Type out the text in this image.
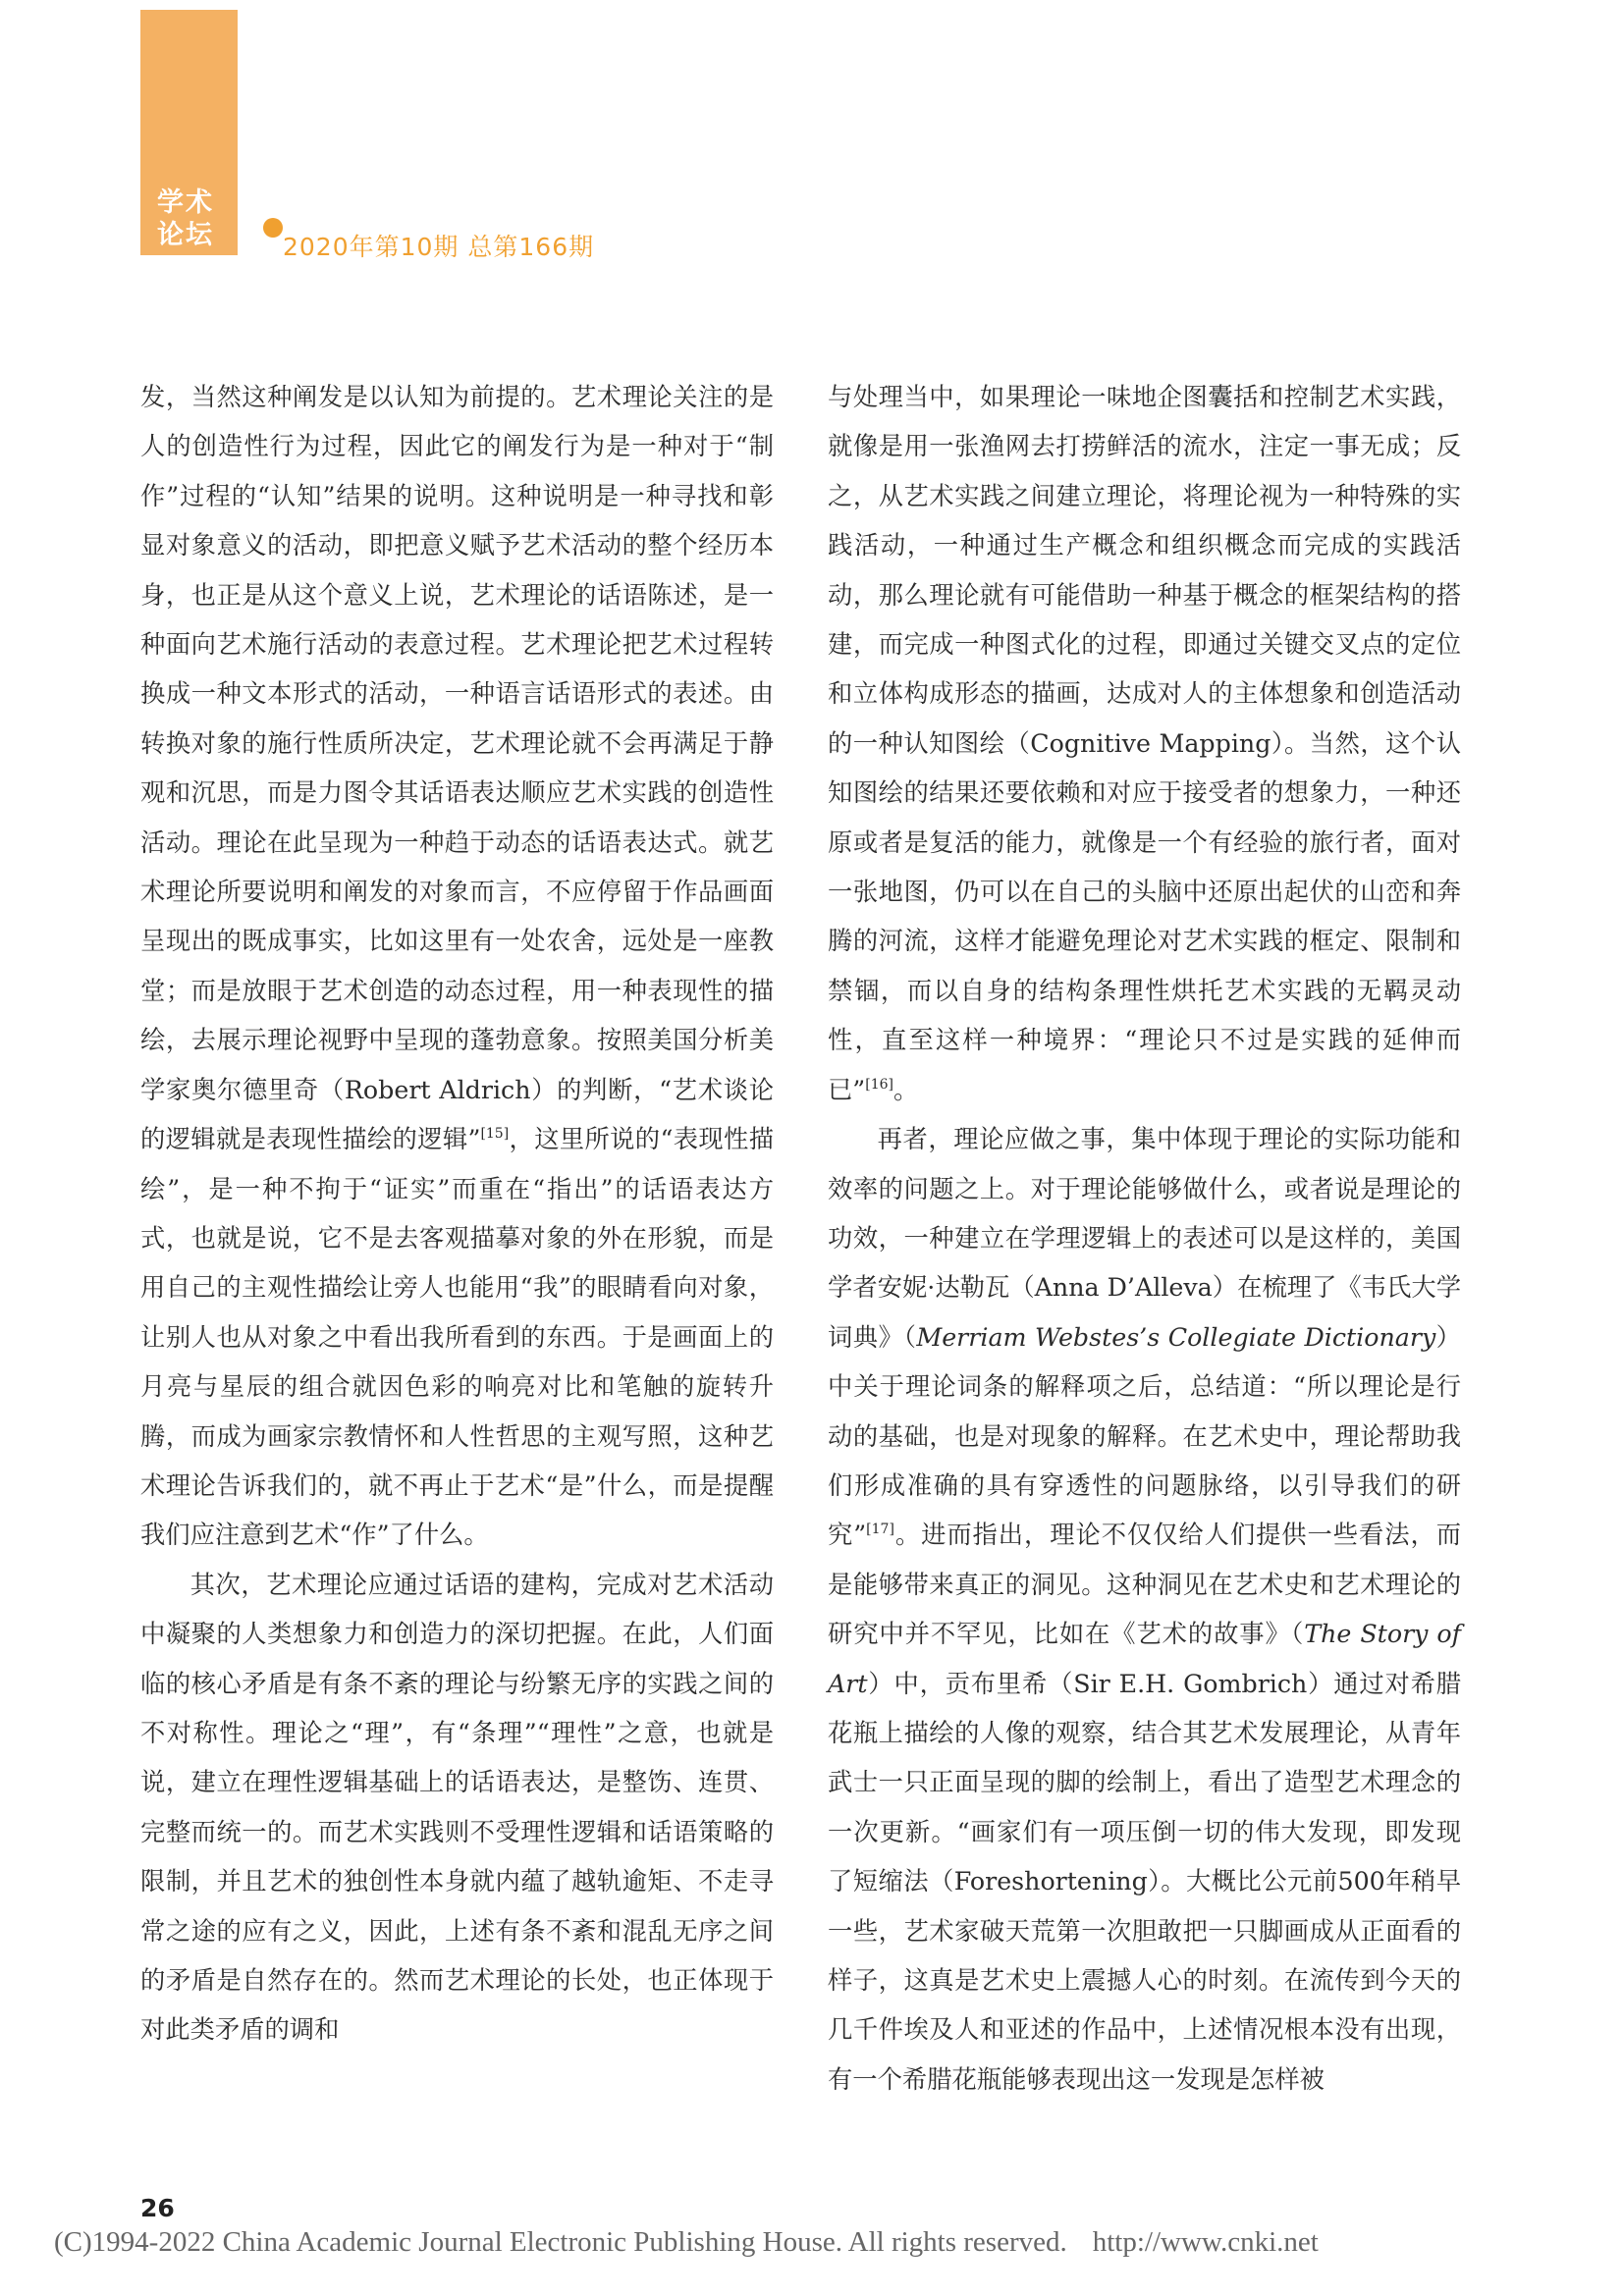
学术论坛	2020年第10期 总第166期

发，当然这种阐发是以认知为前提的。艺术理论关注的是人的创造性行为过程，因此它的阐发行为是一种对于“制作”过程的“认知”结果的说明。这种说明是一种寻找和彰显对象意义的活动，即把意义赋予艺术活动的整个经历本身，也正是从这个意义上说，艺术理论的话语陈述，是一种面向艺术施行活动的表意过程。艺术理论把艺术过程转换成一种文本形式的活动，一种语言话语形式的表述。由转换对象的施行性质所决定，艺术理论就不会再满足于静观和沉思，而是力图令其话语表达顺应艺术实践的创造性活动。理论在此呈现为一种趋于动态的话语表达式。就艺术理论所要说明和阐发的对象而言，不应停留于作品画面呈现出的既成事实，比如这里有一处农舍，远处是一座教堂；而是放眼于艺术创造的动态过程，用一种表现性的描绘，去展示理论视野中呈现的蓬勃意象。按照美国分析美学家奥尔德里奇（Robert Aldrich）的判断，“艺术谈论的逻辑就是表现性描绘的逻辑”[15]，这里所说的“表现性描绘”，是一种不拘于“证实”而重在“指出”的话语表达方式，也就是说，它不是去客观描摹对象的外在形貌，而是用自己的主观性描绘让旁人也能用“我”的眼睛看向对象，让别人也从对象之中看出我所看到的东西。于是画面上的月亮与星辰的组合就因色彩的响亮对比和笔触的旋转升腾，而成为画家宗教情怀和人性哲思的主观写照，这种艺术理论告诉我们的，就不再止于艺术“是”什么，而是提醒我们应注意到艺术“作”了什么。

其次，艺术理论应通过话语的建构，完成对艺术活动中凝聚的人类想象力和创造力的深切把握。在此，人们面临的核心矛盾是有条不紊的理论与纷繁无序的实践之间的不对称性。理论之“理”，有“条理”“理性”之意，也就是说，建立在理性逻辑基础上的话语表达，是整饬、连贯、完整而统一的。而艺术实践则不受理性逻辑和话语策略的限制，并且艺术的独创性本身就内蕴了越轨逾矩、不走寻常之途的应有之义，因此，上述有条不紊和混乱无序之间的矛盾是自然存在的。然而艺术理论的长处，也正体现于对此类矛盾的调和

与处理当中，如果理论一味地企图囊括和控制艺术实践，就像是用一张渔网去打捞鲜活的流水，注定一事无成；反之，从艺术实践之间建立理论，将理论视为一种特殊的实践活动，一种通过生产概念和组织概念而完成的实践活动，那么理论就有可能借助一种基于概念的框架结构的搭建，而完成一种图式化的过程，即通过关键交叉点的定位和立体构成形态的描画，达成对人的主体想象和创造活动的一种认知图绘（Cognitive Mapping）。当然，这个认知图绘的结果还要依赖和对应于接受者的想象力，一种还原或者是复活的能力，就像是一个有经验的旅行者，面对一张地图，仍可以在自己的头脑中还原出起伏的山峦和奔腾的河流，这样才能避免理论对艺术实践的框定、限制和禁锢，而以自身的结构条理性烘托艺术实践的无羁灵动性，直至这样一种境界：“理论只不过是实践的延伸而已”[16]。

再者，理论应做之事，集中体现于理论的实际功能和效率的问题之上。对于理论能够做什么，或者说是理论的功效，一种建立在学理逻辑上的表述可以是这样的，美国学者安妮·达勒瓦（Anna D’Alleva）在梳理了《韦氏大学词典》（Merriam Webstes’s Collegiate Dictionary）中关于理论词条的解释项之后，总结道：“所以理论是行动的基础，也是对现象的解释。在艺术史中，理论帮助我们形成准确的具有穿透性的问题脉络，以引导我们的研究”[17]。进而指出，理论不仅仅给人们提供一些看法，而是能够带来真正的洞见。这种洞见在艺术史和艺术理论的研究中并不罕见，比如在《艺术的故事》（The Story of Art）中，贡布里希（Sir E.H. Gombrich）通过对希腊花瓶上描绘的人像的观察，结合其艺术发展理论，从青年武士一只正面呈现的脚的绘制上，看出了造型艺术理念的一次更新。“画家们有一项压倒一切的伟大发现，即发现了短缩法（Foreshortening）。大概比公元前500年稍早一些，艺术家破天荒第一次胆敢把一只脚画成从正面看的样子，这真是艺术史上震撼人心的时刻。在流传到今天的几千件埃及人和亚述的作品中，上述情况根本没有出现，有一个希腊花瓶能够表现出这一发现是怎样被

26
(C)1994-2022 China Academic Journal Electronic Publishing House. All rights reserved. http://www.cnki.net
